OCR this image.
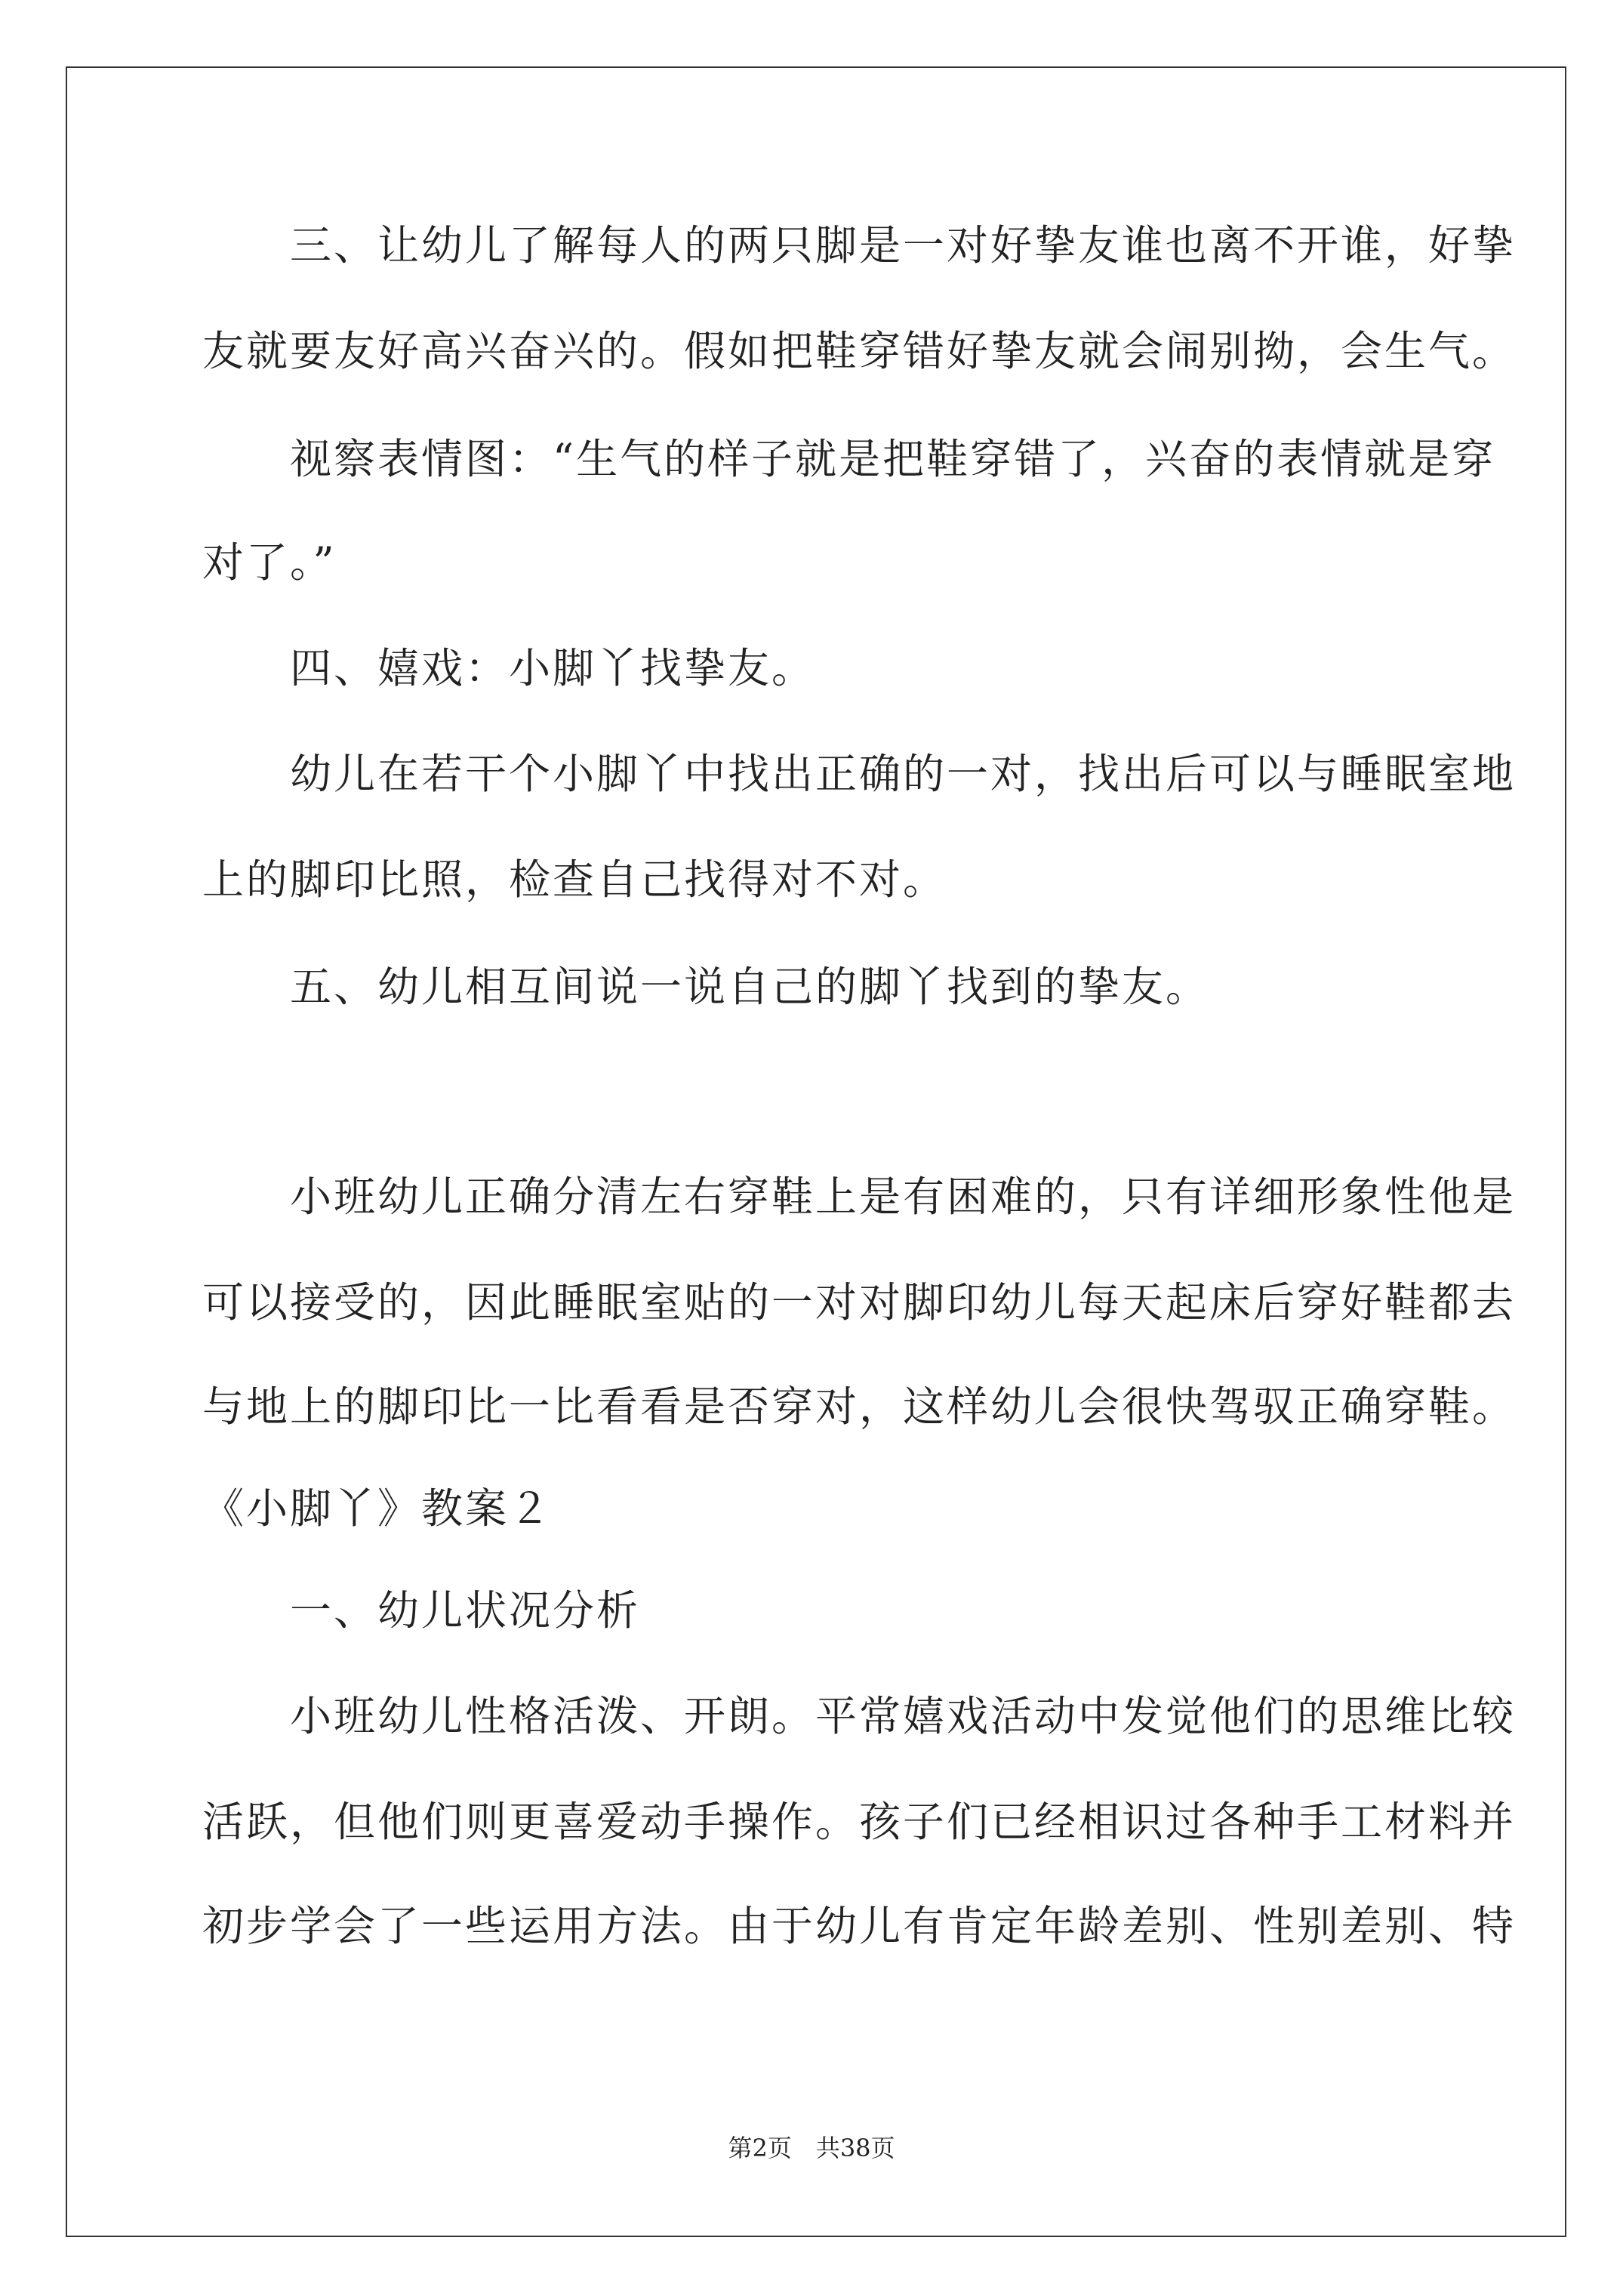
　　三、让幼儿了解每人的两只脚是一对好挚友谁也离不开谁，好挚
友就要友好高兴奋兴的。假如把鞋穿错好挚友就会闹别拗，会生气。
　　视察表情图：“生气的样子就是把鞋穿错了，兴奋的表情就是穿
对了。”
　　四、嬉戏：小脚丫找挚友。
　　幼儿在若干个小脚丫中找出正确的一对，找出后可以与睡眠室地
上的脚印比照，检查自己找得对不对。
　　五、幼儿相互间说一说自己的脚丫找到的挚友。
　　小班幼儿正确分清左右穿鞋上是有困难的，只有详细形象性他是
可以接受的，因此睡眠室贴的一对对脚印幼儿每天起床后穿好鞋都去
与地上的脚印比一比看看是否穿对，这样幼儿会很快驾驭正确穿鞋。
《小脚丫》教案２
　　一、幼儿状况分析
　　小班幼儿性格活泼、开朗。平常嬉戏活动中发觉他们的思维比较
活跃，但他们则更喜爱动手操作。孩子们已经相识过各种手工材料并
初步学会了一些运用方法。由于幼儿有肯定年龄差别、性别差别、特
第2页　共38页
